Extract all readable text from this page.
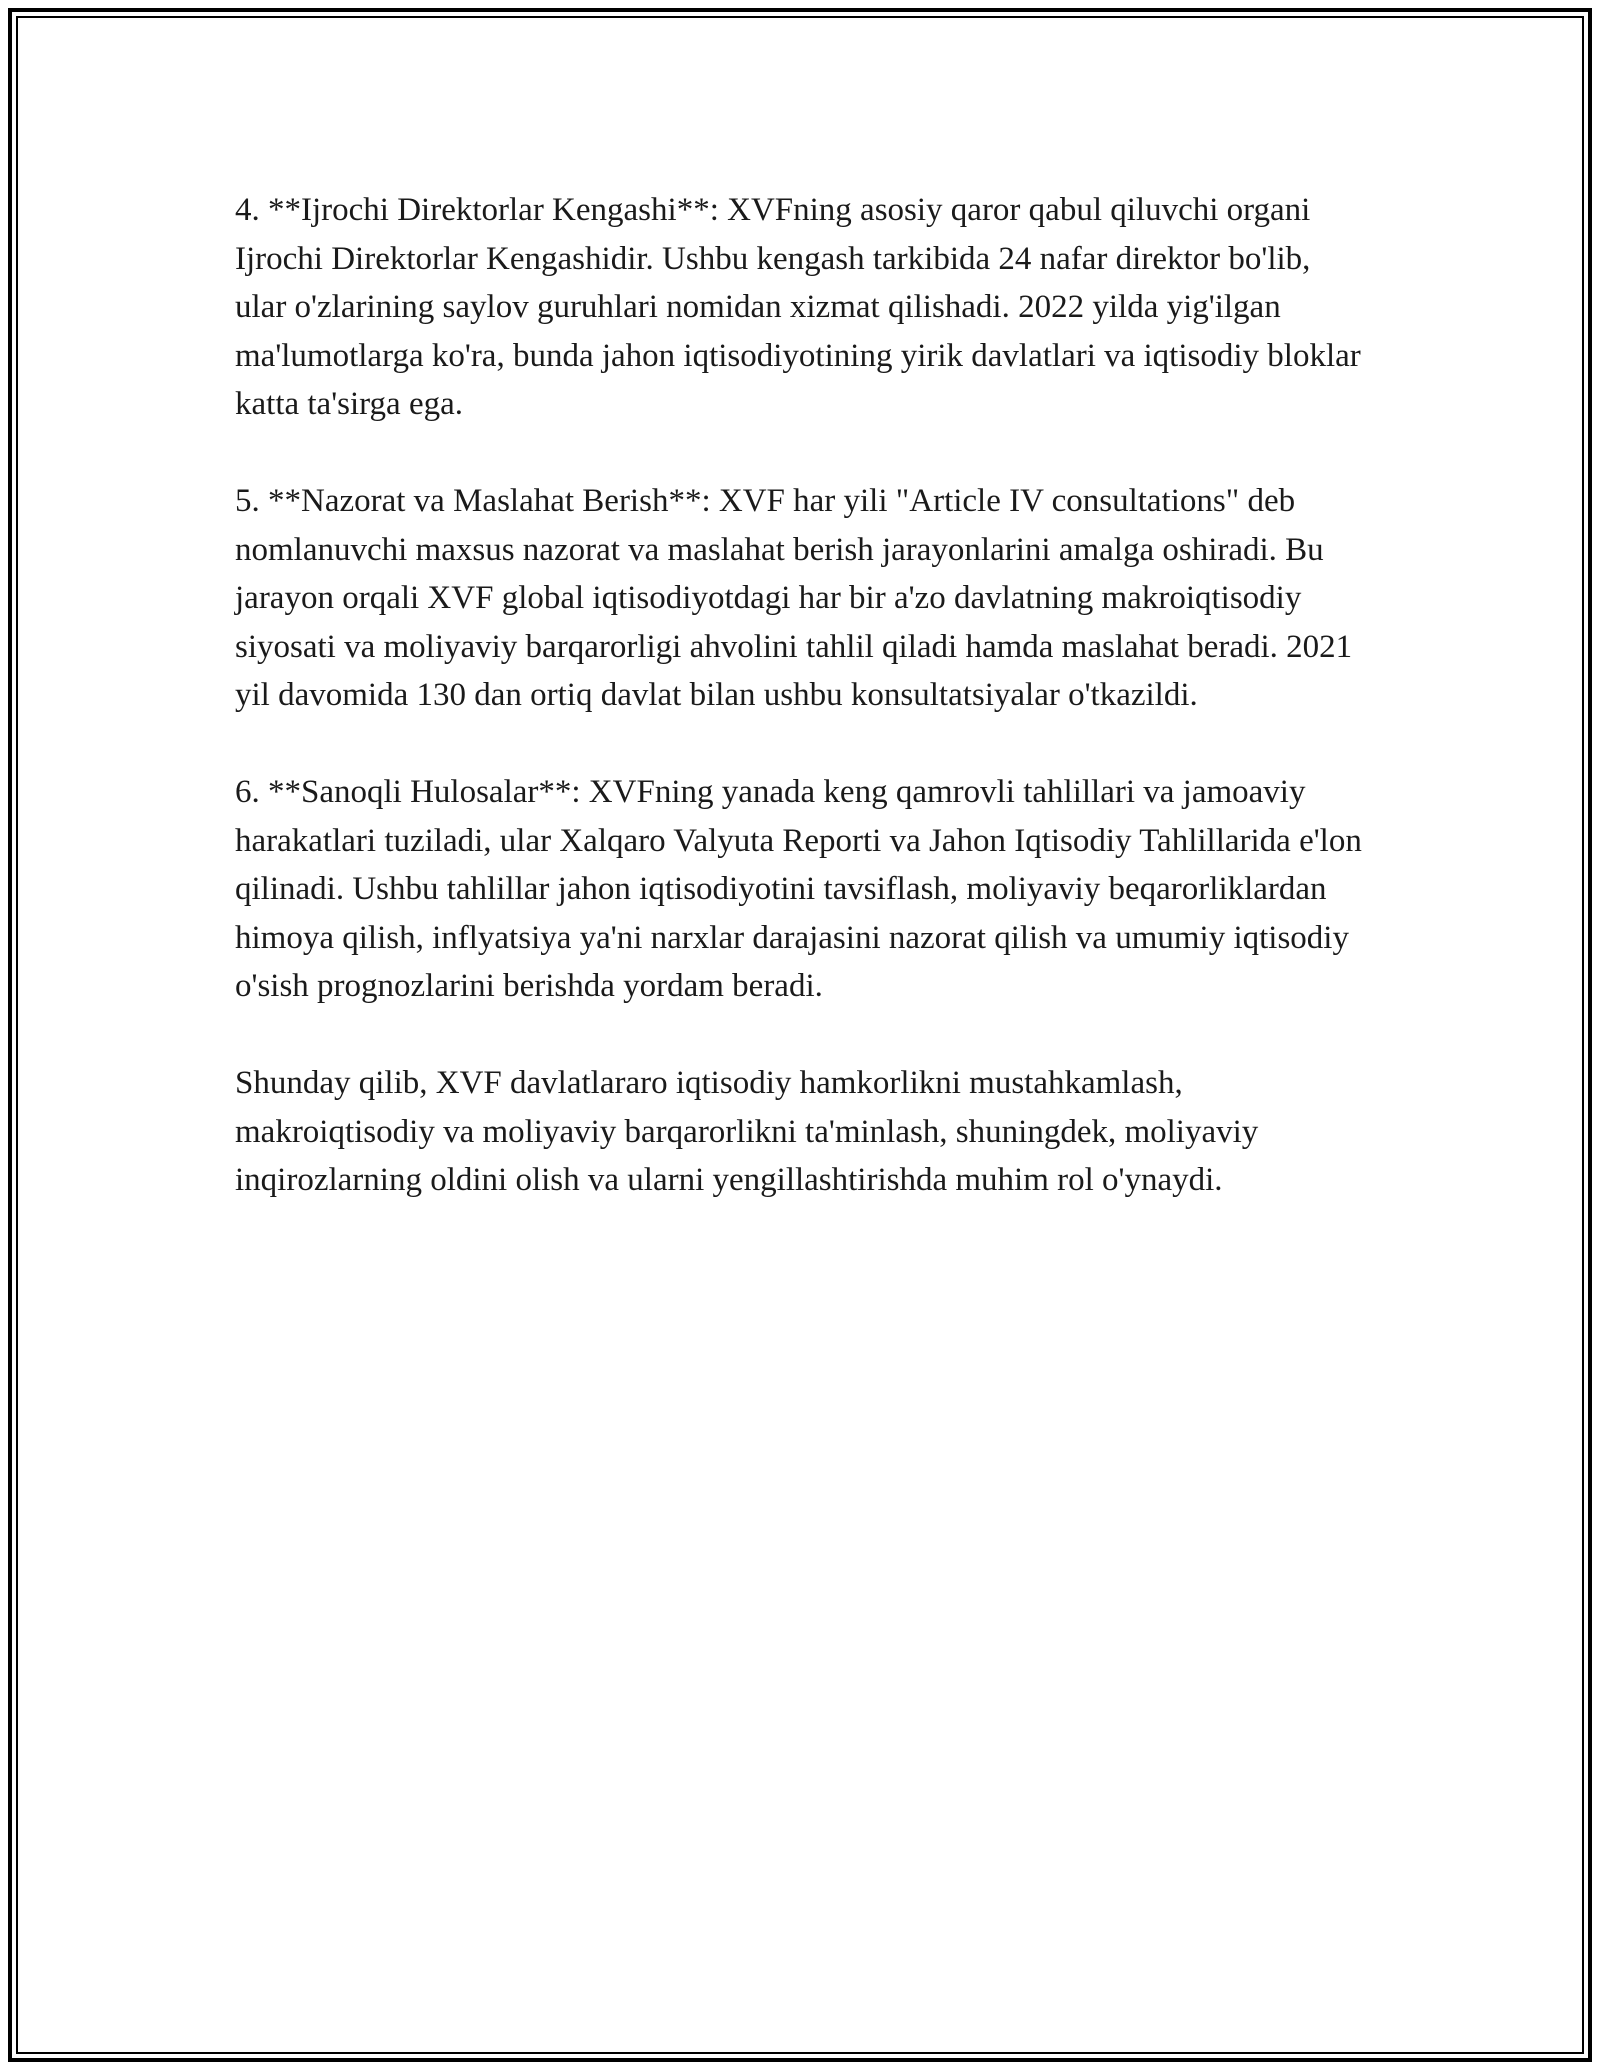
4. **Ijrochi Direktorlar Kengashi**: XVFning asosiy qaror qabul qiluvchi organi Ijrochi Direktorlar Kengashidir. Ushbu kengash tarkibida 24 nafar direktor bo'lib, ular o'zlarining saylov guruhlari nomidan xizmat qilishadi. 2022 yilda yig'ilgan ma'lumotlarga ko'ra, bunda jahon iqtisodiyotining yirik davlatlari va iqtisodiy bloklar katta ta'sirga ega.

5. **Nazorat va Maslahat Berish**: XVF har yili "Article IV consultations" deb nomlanuvchi maxsus nazorat va maslahat berish jarayonlarini amalga oshiradi. Bu jarayon orqali XVF global iqtisodiyotdagi har bir a'zo davlatning makroiqtisodiy siyosati va moliyaviy barqarorligi ahvolini tahlil qiladi hamda maslahat beradi. 2021 yil davomida 130 dan ortiq davlat bilan ushbu konsultatsiyalar o'tkazildi.

6. **Sanoqli Hulosalar**: XVFning yanada keng qamrovli tahlillari va jamoaviy harakatlari tuziladi, ular Xalqaro Valyuta Reporti va Jahon Iqtisodiy Tahlillarida e'lon qilinadi. Ushbu tahlillar jahon iqtisodiyotini tavsiflash, moliyaviy beqarorliklardan himoya qilish, inflyatsiya ya'ni narxlar darajasini nazorat qilish va umumiy iqtisodiy o'sish prognozlarini berishda yordam beradi.

Shunday qilib, XVF davlatlararo iqtisodiy hamkorlikni mustahkamlash, makroiqtisodiy va moliyaviy barqarorlikni ta'minlash, shuningdek, moliyaviy inqirozlarning oldini olish va ularni yengillashtirishda muhim rol o'ynaydi.
